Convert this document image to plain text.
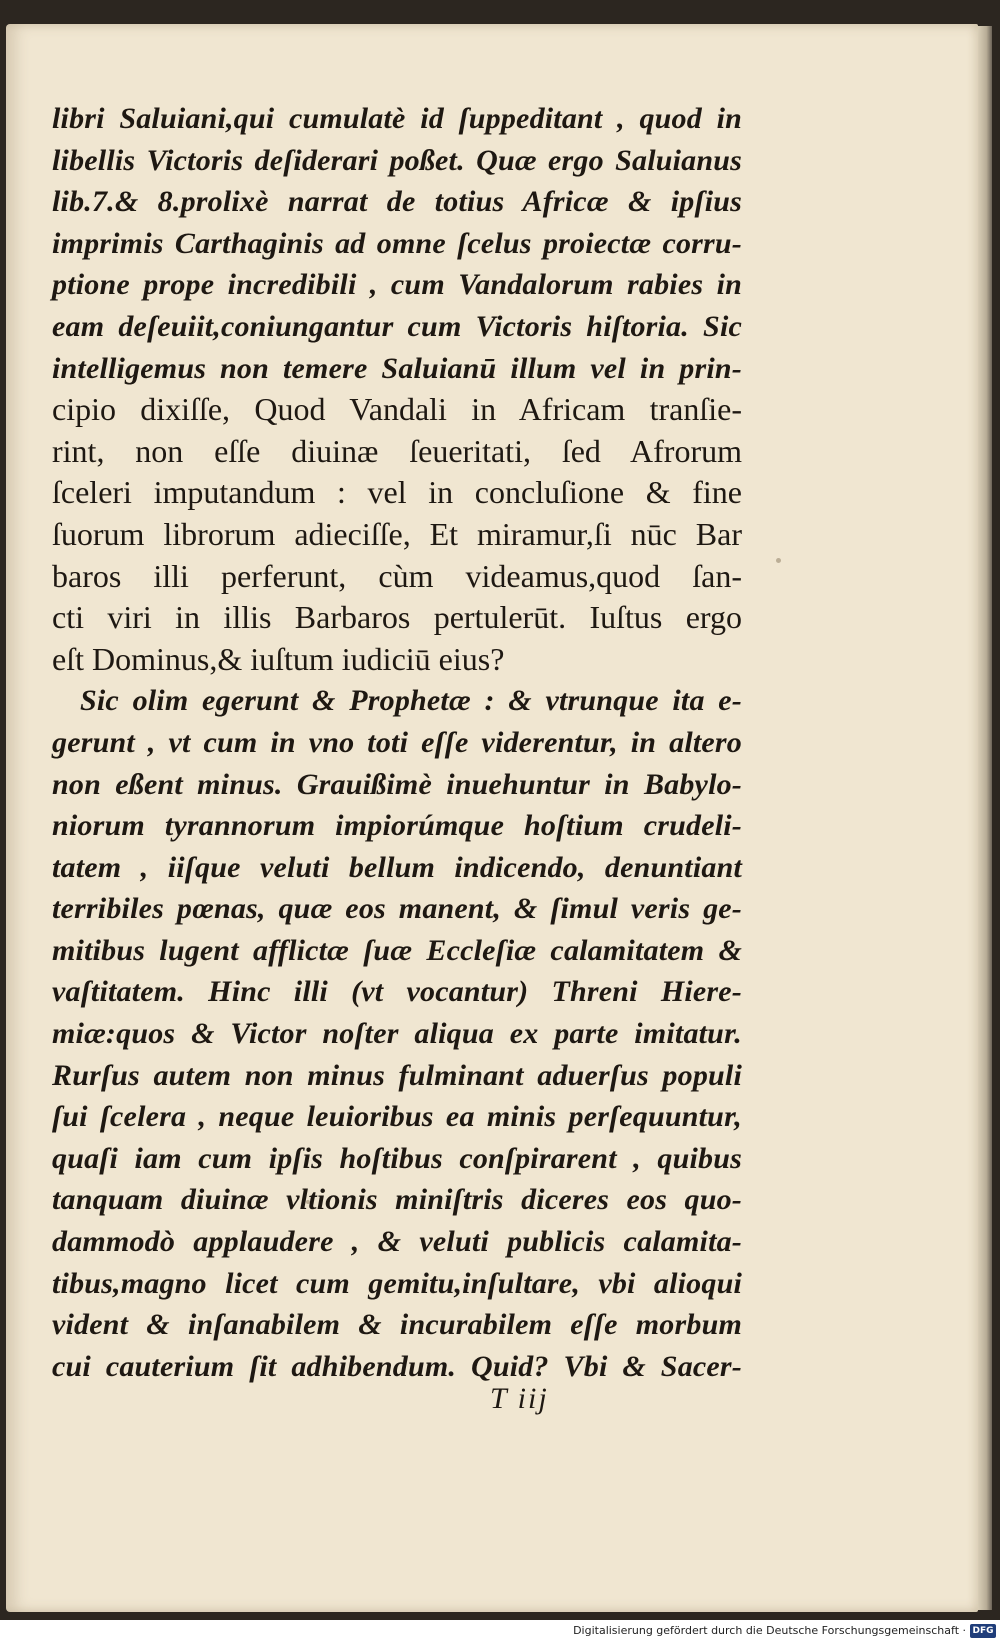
libri Saluiani,qui cumulatè id ſuppeditant , quod in
libellis Victoris deſiderari poßet. Quæ ergo Saluianus
lib.7.& 8.prolixè narrat de totius Africæ & ipſius
imprimis Carthaginis ad omne ſcelus proiectæ corru-
ptione prope incredibili , cum Vandalorum rabies in
eam deſeuiit,coniungantur cum Victoris hiſtoria. Sic
intelligemus non temere Saluianū illum vel in prin-
cipio dixiſſe, Quod Vandali in Africam tranſie-
rint, non eſſe diuinæ ſeueritati, ſed Afrorum
ſceleri imputandum : vel in concluſione & fine
ſuorum librorum adieciſſe, Et miramur,ſi nūc Bar
baros illi perferunt, cùm videamus,quod ſan-
cti viri in illis Barbaros pertulerūt. Iuſtus ergo
eſt Dominus,& iuſtum iudiciū eius?
Sic olim egerunt & Prophetæ : & vtrunque ita e-
gerunt , vt cum in vno toti eſſe viderentur, in altero
non eßent minus. Grauißimè inuehuntur in Babylo-
niorum tyrannorum impiorúmque hoſtium crudeli-
tatem , iiſque veluti bellum indicendo, denuntiant
terribiles pœnas, quæ eos manent, & ſimul veris ge-
mitibus lugent afflictæ ſuæ Eccleſiæ calamitatem &
vaſtitatem. Hinc illi (vt vocantur) Threni Hiere-
miæ:quos & Victor noſter aliqua ex parte imitatur.
Rurſus autem non minus fulminant aduerſus populi
ſui ſcelera , neque leuioribus ea minis perſequuntur,
quaſi iam cum ipſis hoſtibus conſpirarent , quibus
tanquam diuinæ vltionis miniſtris diceres eos quo-
dammodò applaudere , & veluti publicis calamita-
tibus,magno licet cum gemitu,inſultare, vbi alioqui
vident & inſanabilem & incurabilem eſſe morbum
cui cauterium ſit adhibendum. Quid? Vbi & Sacer-
T iij
Digitalisierung gefördert durch die Deutsche Forschungsgemeinschaft · DFG
